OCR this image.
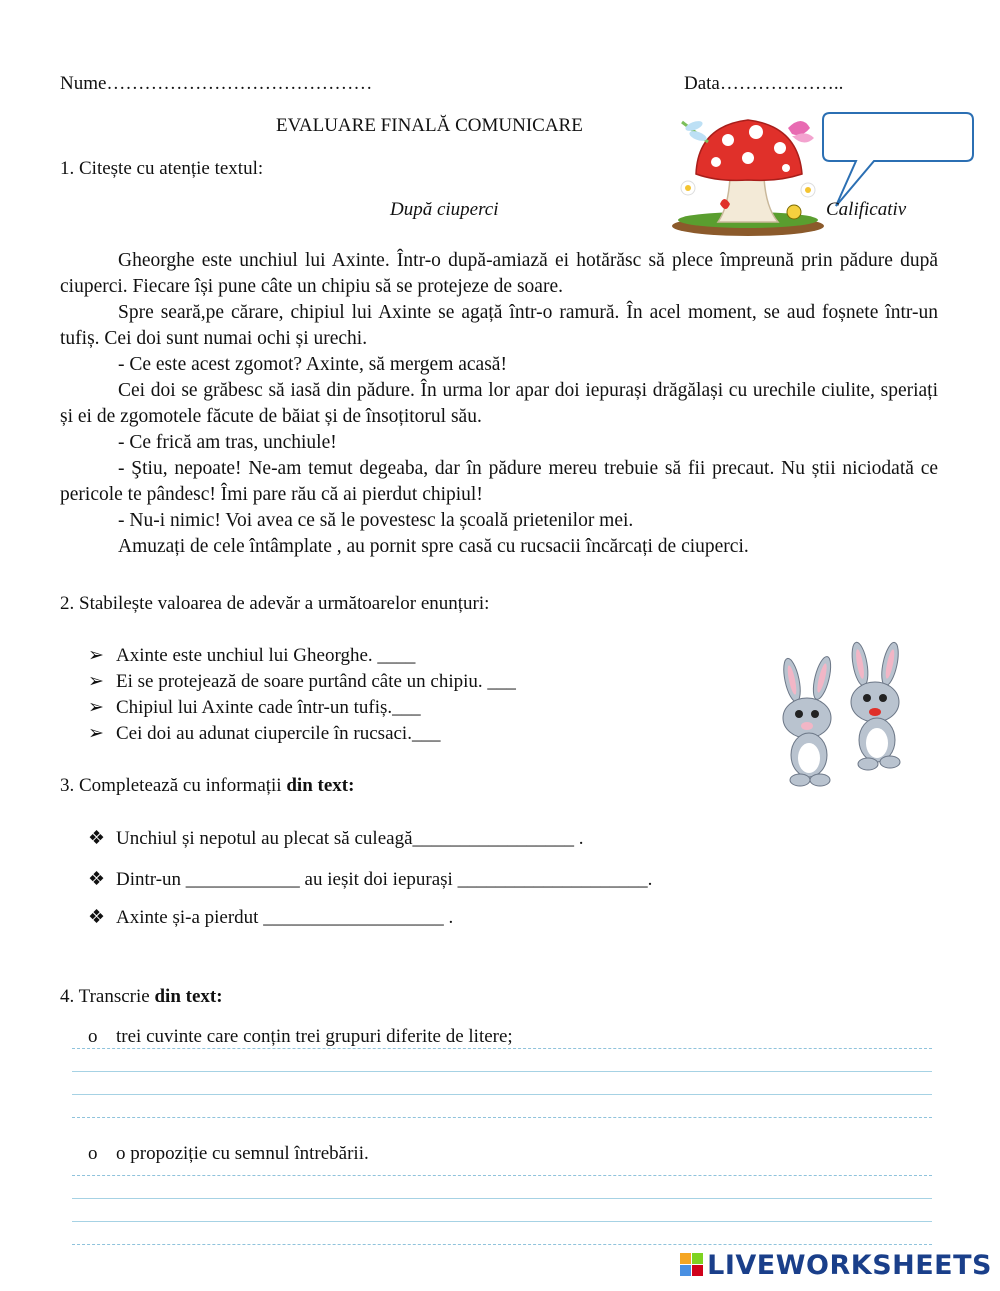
Nume……………………………………	Data………………..
EVALUARE FINALĂ COMUNICARE
Calificativ
1. Citește cu atenție textul:
După ciuperci
Gheorghe este unchiul lui Axinte. Într-o după-amiază ei hotărăsc să plece împreună prin pădure după ciuperci. Fiecare își pune câte un chipiu să se protejeze de soare.
Spre seară,pe cărare, chipiul lui Axinte se agață într-o ramură. În acel moment, se aud foșnete într-un tufiș. Cei doi sunt numai ochi și urechi.
- Ce este acest zgomot? Axinte, să mergem acasă!
Cei doi se grăbesc să iasă din pădure. În urma lor apar doi iepurași drăgălași cu urechile ciulite, speriați și ei de zgomotele făcute de băiat și de însoțitorul său.
- Ce frică am tras, unchiule!
- Ştiu, nepoate! Ne-am temut degeaba, dar în pădure mereu trebuie să fii precaut. Nu știi niciodată ce pericole te pândesc! Îmi pare rău că ai pierdut chipiul!
- Nu-i nimic! Voi avea ce să le povestesc la școală prietenilor mei.
Amuzați de cele întâmplate , au pornit spre casă cu rucsacii încărcați de ciuperci.
2. Stabilește valoarea de adevăr a următoarelor enunțuri:
➢ Axinte este unchiul lui Gheorghe. ____
➢ Ei se protejează de soare purtând câte un chipiu. ___
➢ Chipiul lui Axinte cade într-un tufiș.___
➢ Cei doi au adunat ciupercile în rucsaci.___
3. Completează cu informații din text:
❖ Unchiul și nepotul au plecat să culeagă_________________ .
❖ Dintr-un ____________ au ieșit doi iepurași ____________________.
❖ Axinte și-a pierdut ___________________ .
4. Transcrie din text:
o trei cuvinte care conțin trei grupuri diferite de litere;
o o propoziție cu semnul întrebării.
LIVEWORKSHEETS
